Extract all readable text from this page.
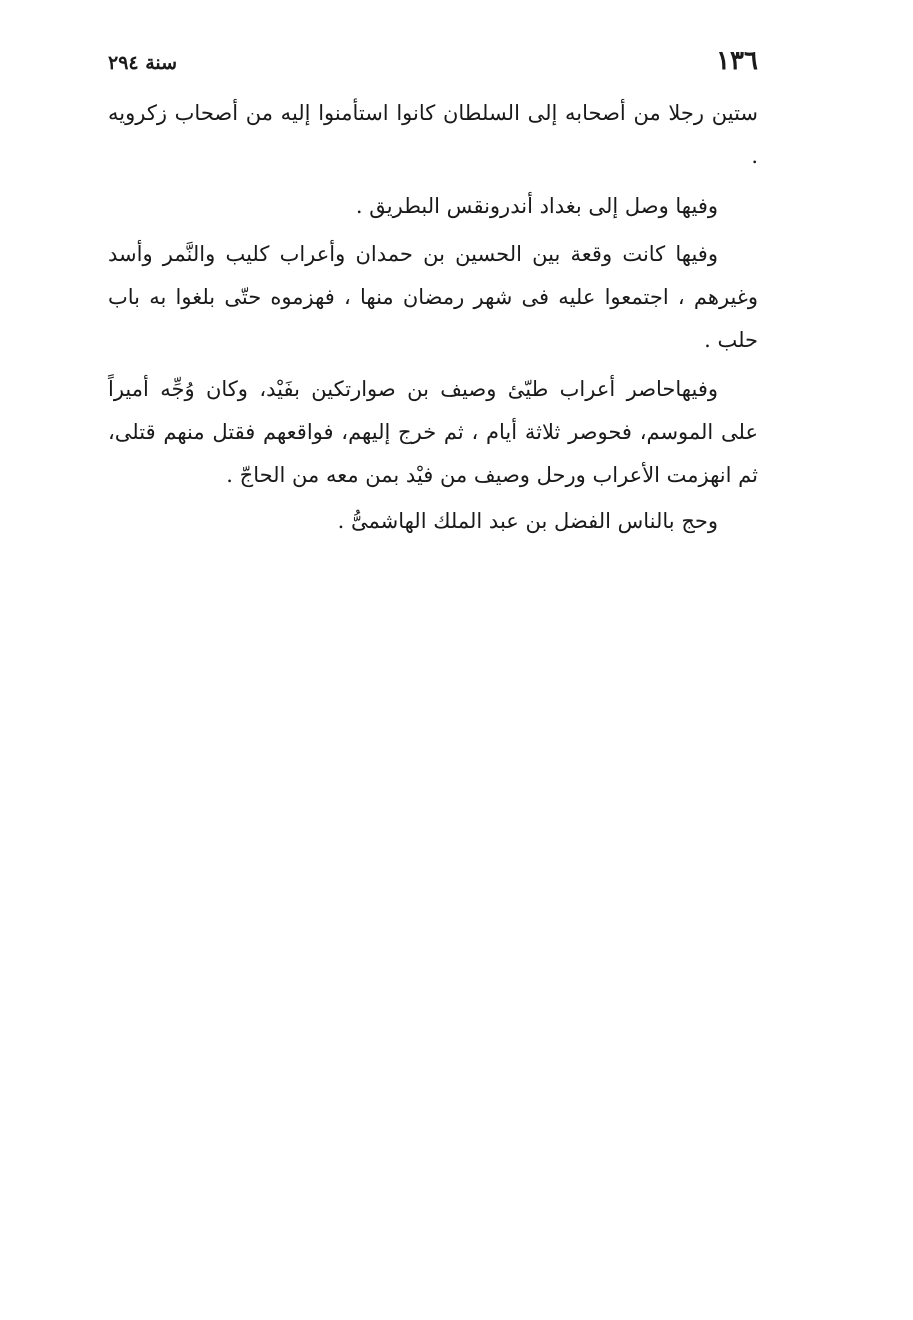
١٣٦
سنة ٢٩٤

ستين رجلا من أصحابه إلى السلطان كانوا استأمنوا إليه من أصحاب زكرويه .

وفيها وصل إلى بغداد أندرونقس البطريق .

وفيها كانت وقعة بين الحسين بن حمدان وأعراب كليب والنَّمر وأسد وغيرهم ، اجتمعوا عليه فى شهر رمضان منها ، فهزموه حتّى بلغوا به باب حلب .

وفيهاحاصر أعراب طيّئ وصيف بن صوارتكين بفَيْد، وكان وُجِّه أميراً على الموسم، فحوصر ثلاثة أيام ، ثم خرج إليهم، فواقعهم فقتل منهم قتلى، ثم انهزمت الأعراب ورحل وصيف من فيْد بمن معه من الحاجّ .

وحج بالناس الفضل بن عبد الملك الهاشمىُّ .
